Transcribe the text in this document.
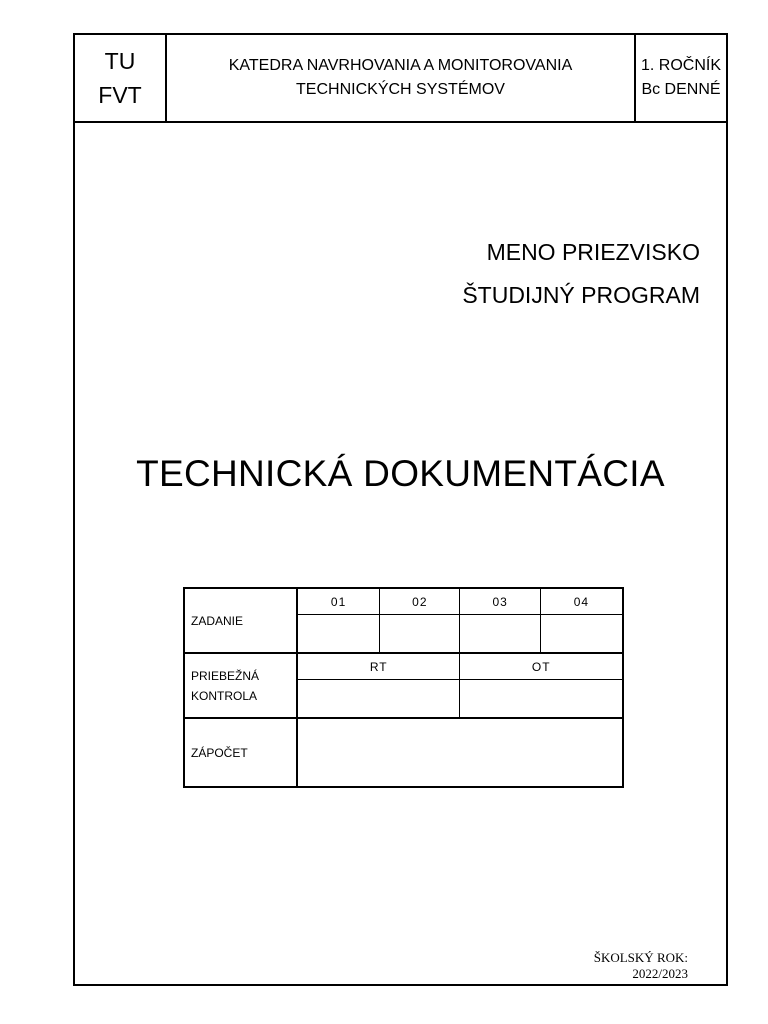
TU
FVT
KATEDRA NAVRHOVANIA A MONITOROVANIA
TECHNICKÝCH SYSTÉMOV
1. ROČNÍK
Bc DENNÉ
MENO PRIEZVISKO
ŠTUDIJNÝ PROGRAM
TECHNICKÁ DOKUMENTÁCIA
ZADANIE	01	02	03	04

PRIEBEŽNÁ
KONTROLA	RT		OT	

ZÁPOČET				
ŠKOLSKÝ ROK:
2022/2023
